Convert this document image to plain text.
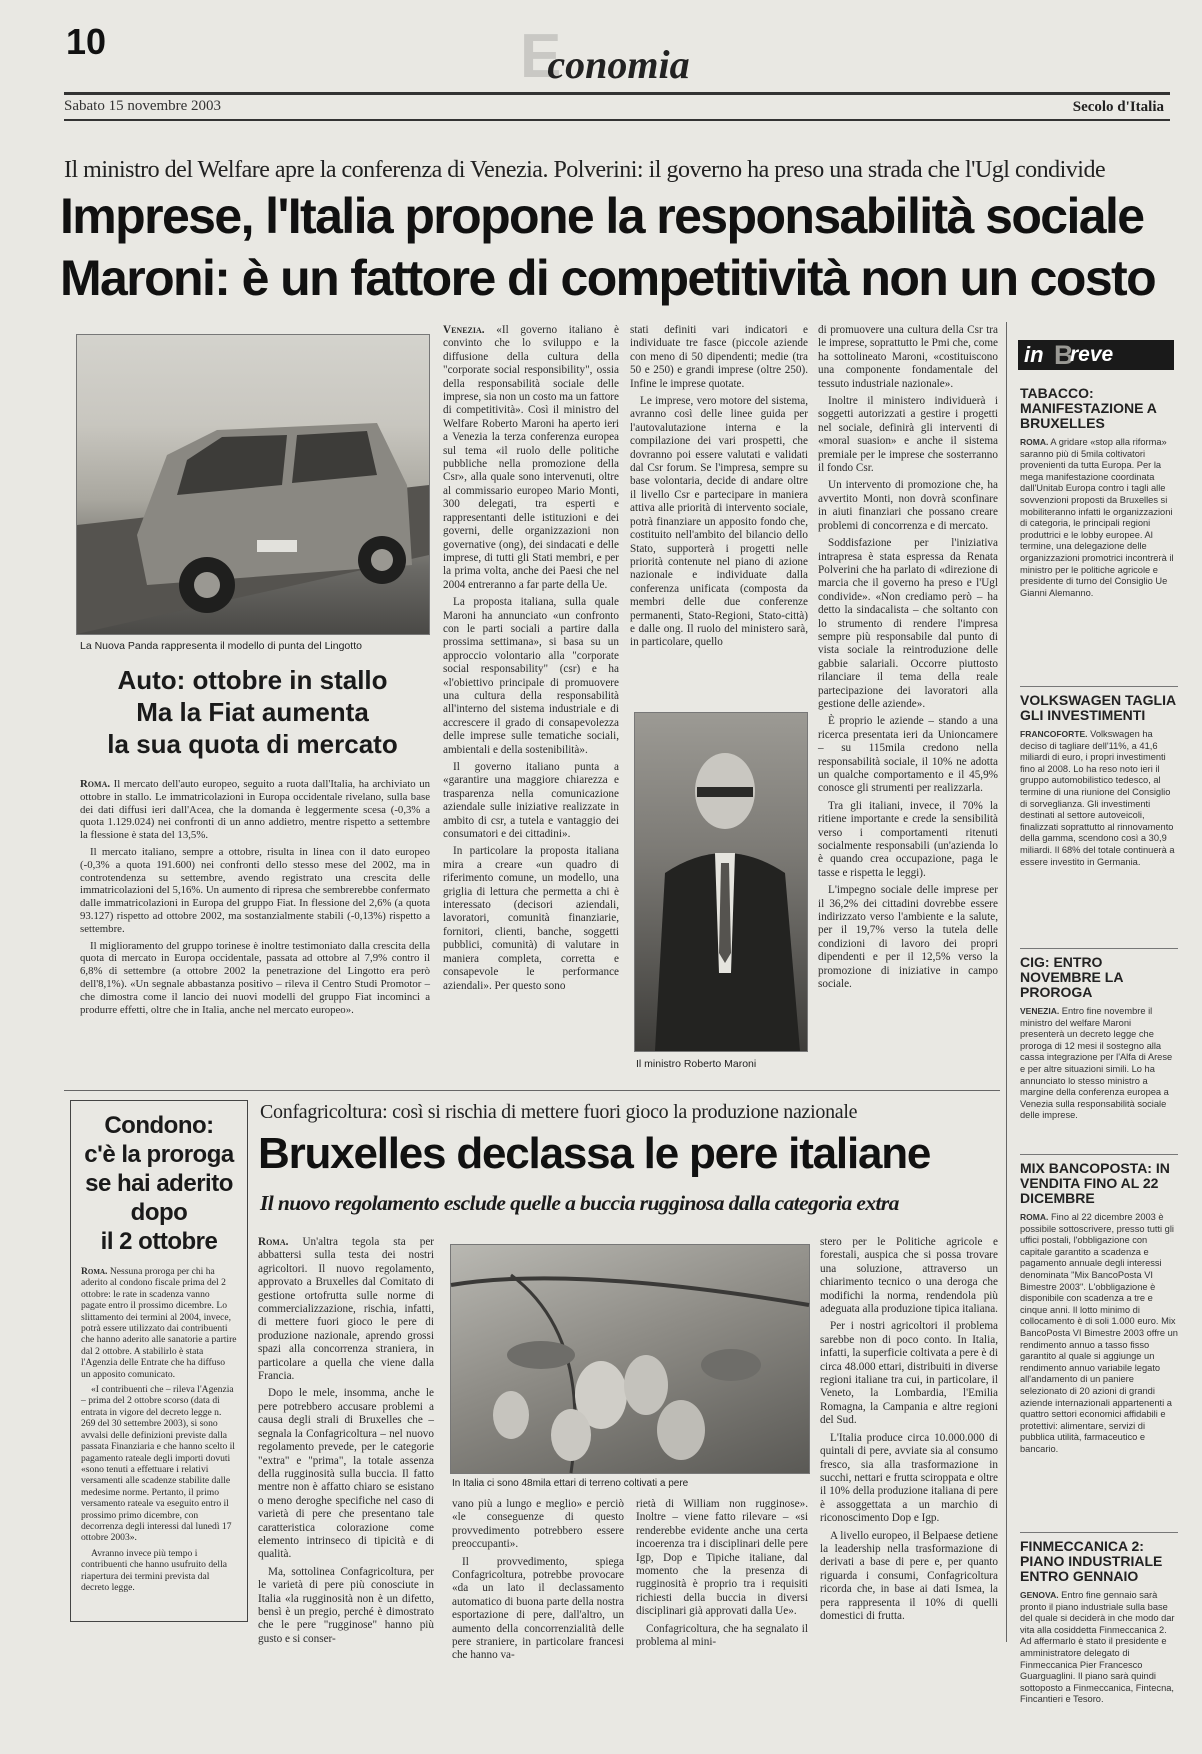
10	Economia
Sabato 15 novembre 2003	Secolo d'Italia
Il ministro del Welfare apre la conferenza di Venezia. Polverini: il governo ha preso una strada che l'Ugl condivide
Imprese, l'Italia propone la responsabilità sociale
Maroni: è un fattore di competitività non un costo
La Nuova Panda rappresenta il modello di punta del Lingotto
Auto: ottobre in stallo
Ma la Fiat aumenta
la sua quota di mercato

Roma. Il mercato dell'auto europeo, seguito a ruota dall'Italia, ha archiviato un ottobre in stallo. Le immatricolazioni in Europa occidentale rivelano, sulla base dei dati diffusi ieri dall'Acea, che la domanda è leggermente scesa (-0,3% a quota 1.129.024) nei confronti di un anno addietro, mentre rispetto a settembre la flessione è stata del 13,5%.

Il mercato italiano, sempre a ottobre, risulta in linea con il dato europeo (-0,3% a quota 191.600) nei confronti dello stesso mese del 2002, ma in controtendenza su settembre, avendo registrato una crescita delle immatricolazioni del 5,16%. Un aumento di ripresa che sembrerebbe confermato dalle immatricolazioni in Europa del gruppo Fiat. In flessione del 2,6% (a quota 93.127) rispetto ad ottobre 2002, ma sostanzialmente stabili (-0,13%) rispetto a settembre.

Il miglioramento del gruppo torinese è inoltre testimoniato dalla crescita della quota di mercato in Europa occidentale, passata ad ottobre al 7,9% contro il 6,8% di settembre (a ottobre 2002 la penetrazione del Lingotto era però dell'8,1%). «Un segnale abbastanza positivo – rileva il Centro Studi Promotor – che dimostra come il lancio dei nuovi modelli del gruppo Fiat incominci a produrre effetti, oltre che in Italia, anche nel mercato europeo».

Venezia. «Il governo italiano è convinto che lo sviluppo e la diffusione della cultura della "corporate social responsibility", ossia della responsabilità sociale delle imprese, sia non un costo ma un fattore di competitività». Così il ministro del Welfare Roberto Maroni ha aperto ieri a Venezia la terza conferenza europea sul tema «il ruolo delle politiche pubbliche nella promozione della Csr», alla quale sono intervenuti, oltre al commissario europeo Mario Monti, 300 delegati, tra esperti e rappresentanti delle istituzioni e dei governi, delle organizzazioni non governative (ong), dei sindacati e delle imprese, di tutti gli Stati membri, e per la prima volta, anche dei Paesi che nel 2004 entreranno a far parte della Ue.

La proposta italiana, sulla quale Maroni ha annunciato «un confronto con le parti sociali a partire dalla prossima settimana», si basa su un approccio volontario alla "corporate social responsability" (csr) e ha «l'obiettivo principale di promuovere una cultura della responsabilità all'interno del sistema industriale e di accrescere il grado di consapevolezza delle imprese sulle tematiche sociali, ambientali e della sostenibilità».

Il governo italiano punta a «garantire una maggiore chiarezza e trasparenza nella comunicazione aziendale sulle iniziative realizzate in ambito di csr, a tutela e vantaggio dei consumatori e dei cittadini».

In particolare la proposta italiana mira a creare «un quadro di riferimento comune, un modello, una griglia di lettura che permetta a chi è interessato (decisori aziendali, lavoratori, comunità finanziarie, fornitori, clienti, banche, soggetti pubblici, comunità) di valutare in maniera completa, corretta e consapevole le performance aziendali». Per questo sono

stati definiti vari indicatori e individuate tre fasce (piccole aziende con meno di 50 dipendenti; medie (tra 50 e 250) e grandi imprese (oltre 250). Infine le imprese quotate.

Le imprese, vero motore del sistema, avranno così delle linee guida per l'autovalutazione interna e la compilazione dei vari prospetti, che dovranno poi essere valutati e validati dal Csr forum. Se l'impresa, sempre su base volontaria, decide di andare oltre il livello Csr e partecipare in maniera attiva alle priorità di intervento sociale, potrà finanziare un apposito fondo che, costituito nell'ambito del bilancio dello Stato, supporterà i progetti nelle priorità contenute nel piano di azione nazionale e individuate dalla conferenza unificata (composta da membri delle due conferenze permanenti, Stato-Regioni, Stato-città) e dalle ong. Il ruolo del ministero sarà, in particolare, quello

Il ministro Roberto Maroni

di promuovere una cultura della Csr tra le imprese, soprattutto le Pmi che, come ha sottolineato Maroni, «costituiscono una componente fondamentale del tessuto industriale nazionale».

Inoltre il ministero individuerà i soggetti autorizzati a gestire i progetti nel sociale, definirà gli interventi di «moral suasion» e anche il sistema premiale per le imprese che sosterranno il fondo Csr.

Un intervento di promozione che, ha avvertito Monti, non dovrà sconfinare in aiuti finanziari che possano creare problemi di concorrenza e di mercato.

Soddisfazione per l'iniziativa intrapresa è stata espressa da Renata Polverini che ha parlato di «direzione di marcia che il governo ha preso e l'Ugl condivide». «Non crediamo però – ha detto la sindacalista – che soltanto con lo strumento di rendere l'impresa sempre più responsabile dal punto di vista sociale la reintroduzione delle gabbie salariali. Occorre piuttosto rilanciare il tema della reale partecipazione dei lavoratori alla gestione delle aziende».

È proprio le aziende – stando a una ricerca presentata ieri da Unioncamere – su 115mila credono nella responsabilità sociale, il 10% ne adotta un qualche comportamento e il 45,9% conosce gli strumenti per realizzarla.

Tra gli italiani, invece, il 70% la ritiene importante e crede la sensibilità verso i comportamenti ritenuti socialmente responsabili (un'azienda lo è quando crea occupazione, paga le tasse e rispetta le leggi).

L'impegno sociale delle imprese per il 36,2% dei cittadini dovrebbe essere indirizzato verso l'ambiente e la salute, per il 19,7% verso la tutela delle condizioni di lavoro dei propri dipendenti e per il 12,5% verso la promozione di iniziative in campo sociale.

in B
reve
TABACCO: MANIFESTAZIONE A BRUXELLES
ROMA. A gridare «stop alla riforma» saranno più di 5mila coltivatori provenienti da tutta Europa. Per la mega manifestazione coordinata dall'Unitab Europa contro i tagli alle sovvenzioni proposti da Bruxelles si mobiliteranno infatti le organizzazioni di categoria, le principali regioni produttrici e le lobby europee. Al termine, una delegazione delle organizzazioni promotrici incontrerà il ministro per le politiche agricole e presidente di turno del Consiglio Ue Gianni Alemanno.
VOLKSWAGEN TAGLIA GLI INVESTIMENTI
FRANCOFORTE. Volkswagen ha deciso di tagliare dell'11%, a 41,6 miliardi di euro, i propri investimenti fino al 2008. Lo ha reso noto ieri il gruppo automobilistico tedesco, al termine di una riunione del Consiglio di sorveglianza. Gli investimenti destinati al settore autoveicoli, finalizzati soprattutto al rinnovamento della gamma, scendono così a 30,9 miliardi. Il 68% del totale continuerà a essere investito in Germania.
CIG: ENTRO NOVEMBRE LA PROROGA
VENEZIA. Entro fine novembre il ministro del welfare Maroni presenterà un decreto legge che proroga di 12 mesi il sostegno alla cassa integrazione per l'Alfa di Arese e per altre situazioni simili. Lo ha annunciato lo stesso ministro a margine della conferenza europea a Venezia sulla responsabilità sociale delle imprese.
MIX BANCOPOSTA: IN VENDITA FINO AL 22 DICEMBRE
ROMA. Fino al 22 dicembre 2003 è possibile sottoscrivere, presso tutti gli uffici postali, l'obbligazione con capitale garantito a scadenza e pagamento annuale degli interessi denominata "Mix BancoPosta VI Bimestre 2003". L'obbligazione è disponibile con scadenza a tre e cinque anni. Il lotto minimo di collocamento è di soli 1.000 euro. Mix BancoPosta VI Bimestre 2003 offre un rendimento annuo a tasso fisso garantito al quale si aggiunge un rendimento annuo variabile legato all'andamento di un paniere selezionato di 20 azioni di grandi aziende internazionali appartenenti a quattro settori economici affidabili e protettivi: alimentare, servizi di pubblica utilità, farmaceutico e bancario.
FINMECCANICA 2: PIANO INDUSTRIALE ENTRO GENNAIO
GENOVA. Entro fine gennaio sarà pronto il piano industriale sulla base del quale si deciderà in che modo dar vita alla cosiddetta Finmeccanica 2. Ad affermarlo è stato il presidente e amministratore delegato di Finmeccanica Pier Francesco Guarguaglini. Il piano sarà quindi sottoposto a Finmeccanica, Fintecna, Fincantieri e Tesoro.
Condono:
c'è la proroga
se hai aderito
dopo
il 2 ottobre

Roma. Nessuna proroga per chi ha aderito al condono fiscale prima del 2 ottobre: le rate in scadenza vanno pagate entro il prossimo dicembre. Lo slittamento dei termini al 2004, invece, potrà essere utilizzato dai contribuenti che hanno aderito alle sanatorie a partire dal 2 ottobre. A stabilirlo è stata l'Agenzia delle Entrate che ha diffuso un apposito comunicato.

«I contribuenti che – rileva l'Agenzia – prima del 2 ottobre scorso (data di entrata in vigore del decreto legge n. 269 del 30 settembre 2003), si sono avvalsi delle definizioni previste dalla passata Finanziaria e che hanno scelto il pagamento rateale degli importi dovuti «sono tenuti a effettuare i relativi versamenti alle scadenze stabilite dalle medesime norme. Pertanto, il primo versamento rateale va eseguito entro il prossimo primo dicembre, con decorrenza degli interessi dal lunedì 17 ottobre 2003».

Avranno invece più tempo i contribuenti che hanno usufruito della riapertura dei termini prevista dal decreto legge.

Confagricoltura: così si rischia di mettere fuori gioco la produzione nazionale
Bruxelles declassa le pere italiane
Il nuovo regolamento esclude quelle a buccia rugginosa dalla categoria extra

Roma. Un'altra tegola sta per abbattersi sulla testa dei nostri agricoltori. Il nuovo regolamento, approvato a Bruxelles dal Comitato di gestione ortofrutta sulle norme di commercializzazione, rischia, infatti, di mettere fuori gioco le pere di produzione nazionale, aprendo grossi spazi alla concorrenza straniera, in particolare a quella che viene dalla Francia.

Dopo le mele, insomma, anche le pere potrebbero accusare problemi a causa degli strali di Bruxelles che – segnala la Confagricoltura – nel nuovo regolamento prevede, per le categorie "extra" e "prima", la totale assenza della rugginosità sulla buccia. Il fatto mentre non è affatto chiaro se esistano o meno deroghe specifiche nel caso di varietà di pere che presentano tale caratteristica colorazione come elemento intrinseco di tipicità e di qualità.

Ma, sottolinea Confagricoltura, per le varietà di pere più conosciute in Italia «la rugginosità non è un difetto, bensì è un pregio, perché è dimostrato che le pere "rugginose" hanno più gusto e si conser-

In Italia ci sono 48mila ettari di terreno coltivati a pere

vano più a lungo e meglio» e perciò «le conseguenze di questo provvedimento potrebbero essere preoccupanti».

Il provvedimento, spiega Confagricoltura, potrebbe provocare «da un lato il declassamento automatico di buona parte della nostra esportazione di pere, dall'altro, un aumento della concorrenzialità delle pere straniere, in particolare francesi che hanno va-

rietà di William non rugginose». Inoltre – viene fatto rilevare – «si renderebbe evidente anche una certa incoerenza tra i disciplinari delle pere Igp, Dop e Tipiche italiane, dal momento che la presenza di rugginosità è proprio tra i requisiti richiesti della buccia in diversi disciplinari già approvati dalla Ue».

Confagricoltura, che ha segnalato il problema al mini-

stero per le Politiche agricole e forestali, auspica che si possa trovare una soluzione, attraverso un chiarimento tecnico o una deroga che modifichi la norma, rendendola più adeguata alla produzione tipica italiana.

Per i nostri agricoltori il problema sarebbe non di poco conto. In Italia, infatti, la superficie coltivata a pere è di circa 48.000 ettari, distribuiti in diverse regioni italiane tra cui, in particolare, il Veneto, la Lombardia, l'Emilia Romagna, la Campania e altre regioni del Sud.

L'Italia produce circa 10.000.000 di quintali di pere, avviate sia al consumo fresco, sia alla trasformazione in succhi, nettari e frutta sciroppata e oltre il 10% della produzione italiana di pere è assoggettata a un marchio di riconoscimento Dop e Igp.

A livello europeo, il Belpaese detiene la leadership nella trasformazione di derivati a base di pere e, per quanto riguarda i consumi, Confagricoltura ricorda che, in base ai dati Ismea, la pera rappresenta il 10% di quelli domestici di frutta.
